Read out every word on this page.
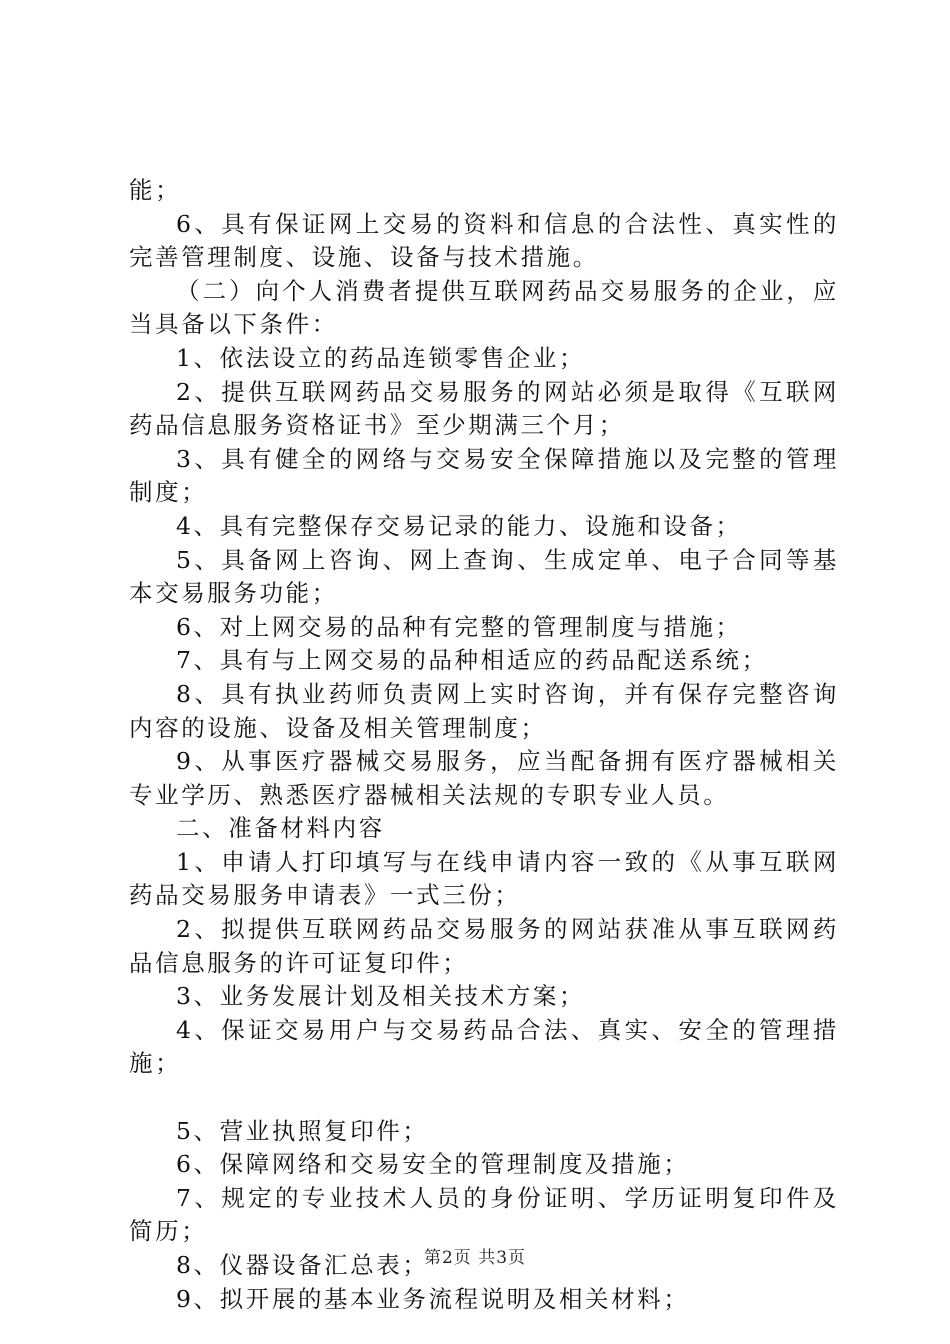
能；

6、具有保证网上交易的资料和信息的合法性、真实性的完善管理制度、设施、设备与技术措施。

（二）向个人消费者提供互联网药品交易服务的企业，应当具备以下条件：

1、依法设立的药品连锁零售企业；

2、提供互联网药品交易服务的网站必须是取得《互联网药品信息服务资格证书》至少期满三个月；

3、具有健全的网络与交易安全保障措施以及完整的管理制度；

4、具有完整保存交易记录的能力、设施和设备；

5、具备网上咨询、网上查询、生成定单、电子合同等基本交易服务功能；

6、对上网交易的品种有完整的管理制度与措施；

7、具有与上网交易的品种相适应的药品配送系统；

8、具有执业药师负责网上实时咨询，并有保存完整咨询内容的设施、设备及相关管理制度；

9、从事医疗器械交易服务，应当配备拥有医疗器械相关专业学历、熟悉医疗器械相关法规的专职专业人员。

二、准备材料内容

1、申请人打印填写与在线申请内容一致的《从事互联网药品交易服务申请表》一式三份；

2、拟提供互联网药品交易服务的网站获准从事互联网药品信息服务的许可证复印件；

3、业务发展计划及相关技术方案；

4、保证交易用户与交易药品合法、真实、安全的管理措施；

5、营业执照复印件；

6、保障网络和交易安全的管理制度及措施；

7、规定的专业技术人员的身份证明、学历证明复印件及简历；

8、仪器设备汇总表；

9、拟开展的基本业务流程说明及相关材料；

第2页 共3页
